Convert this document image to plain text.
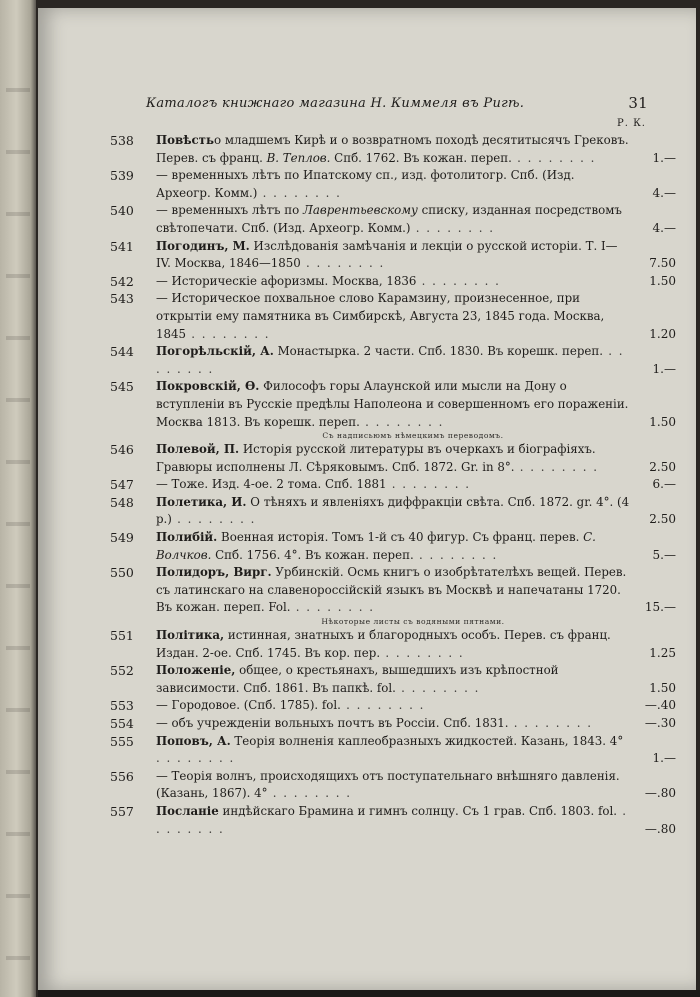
Каталогъ книжнаго магазина Н. Киммеля въ Ригѣ.	31
Р. К.
538 Повѣстьо младшемъ Кирѣ и о возвратномъ походѣ десятитысячъ Грековъ. Перев. съ франц. В. Теплов. Спб. 1762. Въ кожан. переп. . . . . . . . .	1.—
539 — временныхъ лѣтъ по Ипатскому сп., изд. фотолитогр. Спб. (Изд. Археогр. Комм.) . . . . . . . .	4.—
540 — временныхъ лѣтъ по Лаврентьевскому списку, изданная посредствомъ свѣтопечати. Спб. (Изд. Археогр. Комм.) . . . . . . . .	4.—
541 Погодинъ, М. Изслѣдованія замѣчанія и лекціи о русской исторіи. Т. I—IV. Москва, 1846—1850 . . . . . . . .	7.50
542 — Историческіе афоризмы. Москва, 1836 . . . . . . . .	1.50
543 — Историческое похвальное слово Карамзину, произнесенное, при открытіи ему памятника въ Симбирскѣ, Августа 23, 1845 года. Москва, 1845 . . . . . . . .	1.20
544 Погорѣльскій, А. Монастырка. 2 части. Спб. 1830. Въ корешк. переп. . . . . . . . .	1.—
545 Покровскій, Ѳ. Философъ горы Алаунской или мысли на Дону о вступленіи въ Русскіе предѣлы Наполеона и совершенномъ его пораженіи. Москва 1813. Въ корешк. переп. . . . . . . . .	1.50
Съ надписьюмъ нѣмецкимъ переводомъ.
546 Полевой, П. Исторія русской литературы въ очеркахъ и біографіяхъ. Гравюры исполнены Л. Сѣряковымъ. Спб. 1872. Gr. in 8°. . . . . . . . .	2.50
547 — Тоже. Изд. 4-ое. 2 тома. Спб. 1881 . . . . . . . .	6.—
548 Полетика, И. О тѣняхъ и явленіяхъ диффракціи свѣта. Спб. 1872. gr. 4°. (4 р.) . . . . . . . .	2.50
549 Полибій. Военная исторія. Томъ 1-й съ 40 фигур. Съ франц. перев. С. Волчков. Спб. 1756. 4°. Въ кожан. переп. . . . . . . . .	5.—
550 Полидоръ, Вирг. Урбинскій. Осмь книгъ о изобрѣтателѣхъ вещей. Перев. съ латинскаго на славенороссійскій языкъ въ Москвѣ и напечатаны 1720. Въ кожан. переп. Fol. . . . . . . . .	15.—
Нѣкоторые листы съ водяными пятнами.
551 Політика, истинная, знатныхъ и благородныхъ особъ. Перев. съ франц. Издан. 2-ое. Спб. 1745. Въ кор. пер. . . . . . . . .	1.25
552 Положеніе, общее, о крестьянахъ, вышедшихъ изъ крѣпостной зависимости. Спб. 1861. Въ папкѣ. fol. . . . . . . . .	1.50
553 — Городовое. (Спб. 1785). fol. . . . . . . . .	—.40
554 — объ учрежденіи вольныхъ почтъ въ Россіи. Спб. 1831. . . . . . . . .	—.30
555 Поповъ, А. Теорія волненія каплеобразныхъ жидкостей. Казань, 1843. 4° . . . . . . . .	1.—
556 — Теорія волнъ, происходящихъ отъ поступательнаго внѣшняго давленія. (Казань, 1867). 4° . . . . . . . .	—.80
557 Посланіе индѣйскаго Брамина и гимнъ солнцу. Съ 1 грав. Спб. 1803. fol. . . . . . . . .	—.80
